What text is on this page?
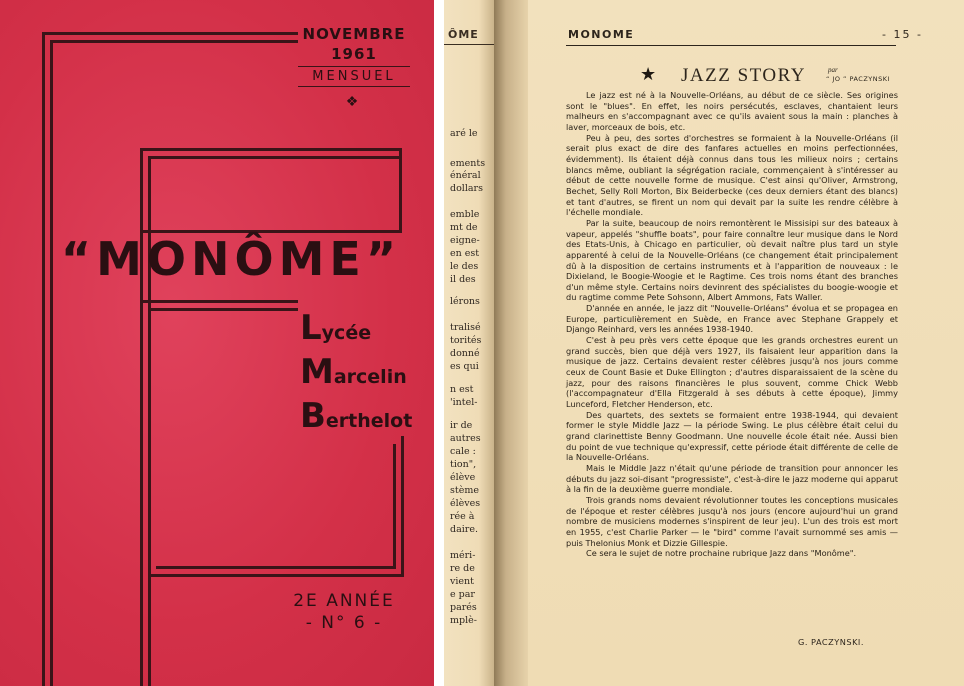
NOVEMBRE
1961
MENSUEL
❖
“MONÔME”
Lycée
Marcelin
Berthelot
2E ANNÉE
- N° 6 -
ÔME
aré le
ements
énéral
dollars
emble
mt de
eigne-
en est
le des
il des
lérons
tralisé
torités
donné
es qui
n est
'intel-
ir de
autres
cale :
tion",
élève
stème
élèves
rée à
daire.
méri-
re de
vient
e par
parés
mplè-
MONOME	- 15 -
★ JAZZ STORY	par
“ JO ” PACZYNSKI

Le jazz est né à la Nouvelle-Orléans, au début de ce siècle. Ses origines sont le "blues". En effet, les noirs persécutés, esclaves, chantaient leurs malheurs en s'accompagnant avec ce qu'ils avaient sous la main : planches à laver, morceaux de bois, etc.

Peu à peu, des sortes d'orchestres se formaient à la Nouvelle-Orléans (il serait plus exact de dire des fanfares actuelles en moins perfectionnées, évidemment). Ils étaient déjà connus dans tous les milieux noirs ; certains blancs même, oubliant la ségrégation raciale, commençaient à s'intéresser au début de cette nouvelle forme de musique. C'est ainsi qu'Oliver, Armstrong, Bechet, Selly Roll Morton, Bix Beiderbecke (ces deux derniers étant des blancs) et tant d'autres, se firent un nom qui devait par la suite les rendre célèbre à l'échelle mondiale.

Par la suite, beaucoup de noirs remontèrent le Missisipi sur des bateaux à vapeur, appelés "shuffle boats", pour faire connaître leur musique dans le Nord des Etats-Unis, à Chicago en particulier, où devait naître plus tard un style apparenté à celui de la Nouvelle-Orléans (ce changement était principalement dû à la disposition de certains instruments et à l'apparition de nouveaux : le Dixieland, le Boogie-Woogie et le Ragtime. Ces trois noms étant des branches d'un même style. Certains noirs devinrent des spécialistes du boogie-woogie et du ragtime comme Pete Sohsonn, Albert Ammons, Fats Waller.

D'année en année, le jazz dit "Nouvelle-Orléans" évolua et se propagea en Europe, particulièrement en Suède, en France avec Stephane Grappely et Django Reinhard, vers les années 1938-1940.

C'est à peu près vers cette époque que les grands orchestres eurent un grand succès, bien que déjà vers 1927, ils faisaient leur apparition dans la musique de jazz. Certains devaient rester célèbres jusqu'à nos jours comme ceux de Count Basie et Duke Ellington ; d'autres disparaissaient de la scène du jazz, pour des raisons financières le plus souvent, comme Chick Webb (l'accompagnateur d'Ella Fitzgerald à ses débuts à cette époque), Jimmy Lunceford, Fletcher Henderson, etc.

Des quartets, des sextets se formaient entre 1938-1944, qui devaient former le style Middle Jazz — la période Swing. Le plus célèbre était celui du grand clarinettiste Benny Goodmann. Une nouvelle école était née. Aussi bien du point de vue technique qu'expressif, cette période était différente de celle de la Nouvelle-Orléans.

Mais le Middle Jazz n'était qu'une période de transition pour annoncer les débuts du jazz soi-disant "progressiste", c'est-à-dire le jazz moderne qui apparut à la fin de la deuxième guerre mondiale.

Trois grands noms devaient révolutionner toutes les conceptions musicales de l'époque et rester célèbres jusqu'à nos jours (encore aujourd'hui un grand nombre de musiciens modernes s'inspirent de leur jeu). L'un des trois est mort en 1955, c'est Charlie Parker — le "bird" comme l'avait surnommé ses amis — puis Thelonius Monk et Dizzie Gillespie.

Ce sera le sujet de notre prochaine rubrique Jazz dans "Monôme".

G. PACZYNSKI.
